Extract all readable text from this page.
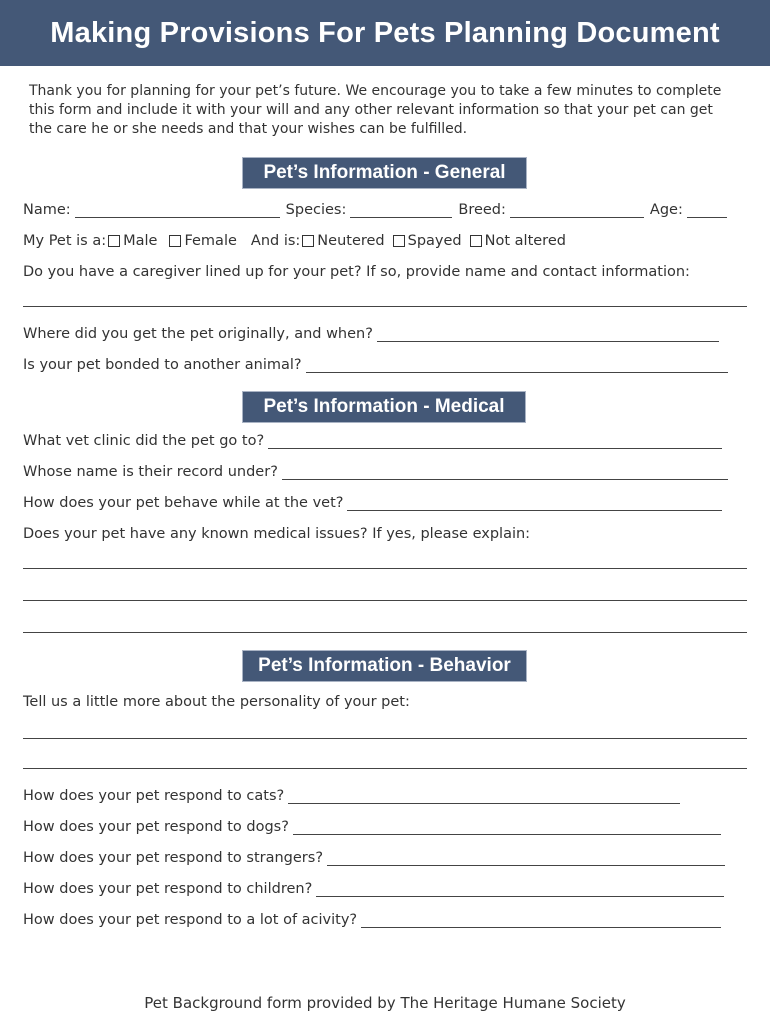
Making Provisions For Pets Planning Document

Thank you for planning for your pet’s future. We encourage you to take a few minutes to complete this form and include it with your will and any other relevant information so that your pet can get the care he or she needs and that your wishes can be fulfilled.

Pet’s Information - General
Name:	Species:	Breed:	Age:
My Pet is a: Male Female And is: Neutered Spayed Not altered
Do you have a caregiver lined up for your pet? If so, provide name and contact information:
Where did you get the pet originally, and when?
Is your pet bonded to another animal?
Pet’s Information - Medical
What vet clinic did the pet go to?
Whose name is their record under?
How does your pet behave while at the vet?
Does your pet have any known medical issues? If yes, please explain:
Pet’s Information - Behavior
Tell us a little more about the personality of your pet:
How does your pet respond to cats?
How does your pet respond to dogs?
How does your pet respond to strangers?
How does your pet respond to children?
How does your pet respond to a lot of acivity?
Pet Background form provided by The Heritage Humane Society
